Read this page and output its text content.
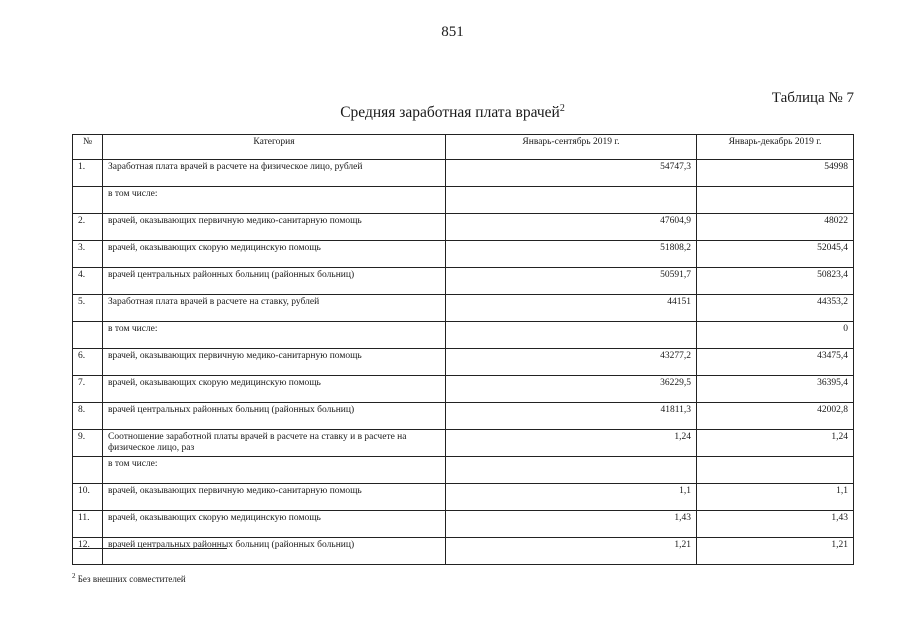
851
Таблица № 7
Средняя заработная плата врачей$^2$
№	Категория	Январь-сентябрь 2019 г.	Январь-декабрь 2019 г.
1.	Заработная плата врачей в расчете на физическое лицо, рублей	54747,3	54998
	в том числе:		
2.	врачей, оказывающих первичную медико-санитарную помощь	47604,9	48022
3.	врачей, оказывающих скорую медицинскую помощь	51808,2	52045,4
4.	врачей центральных районных больниц (районных больниц)	50591,7	50823,4
5.	Заработная плата врачей в расчете на ставку, рублей	44151	44353,2
	в том числе:		0
6.	врачей, оказывающих первичную медико-санитарную помощь	43277,2	43475,4
7.	врачей, оказывающих скорую медицинскую помощь	36229,5	36395,4
8.	врачей центральных районных больниц (районных больниц)	41811,3	42002,8
9.	Соотношение заработной платы врачей в расчете на ставку и в расчете на физическое лицо, раз	1,24	1,24
	в том числе:		
10.	врачей, оказывающих первичную медико-санитарную помощь	1,1	1,1
11.	врачей, оказывающих скорую медицинскую помощь	1,43	1,43
12.	врачей центральных районных больниц (районных больниц)	1,21	1,21
$^2$ Без внешних совместителей
